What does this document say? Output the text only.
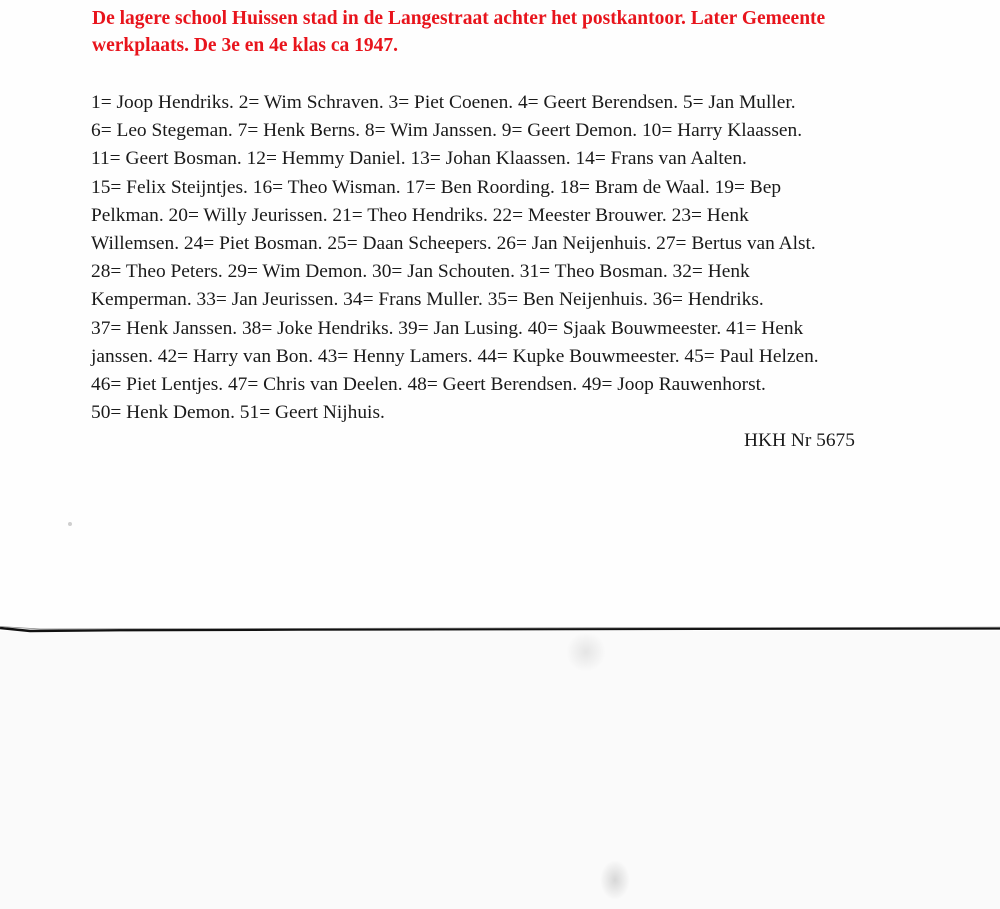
De lagere school Huissen stad in de Langestraat achter het postkantoor. Later Gemeente
werkplaats. De 3e en 4e klas ca 1947.
1= Joop Hendriks. 2= Wim Schraven. 3= Piet Coenen. 4= Geert Berendsen. 5= Jan Muller.
6= Leo Stegeman. 7= Henk Berns. 8= Wim Janssen. 9= Geert Demon. 10= Harry Klaassen.
11= Geert Bosman. 12= Hemmy Daniel. 13= Johan Klaassen. 14= Frans van Aalten.
15= Felix Steijntjes. 16= Theo Wisman. 17= Ben Roording. 18= Bram de Waal. 19= Bep
Pelkman. 20= Willy Jeurissen. 21= Theo Hendriks. 22= Meester Brouwer. 23= Henk
Willemsen. 24= Piet Bosman. 25= Daan Scheepers. 26= Jan Neijenhuis. 27= Bertus van Alst.
28= Theo Peters. 29= Wim Demon. 30= Jan Schouten. 31= Theo Bosman. 32= Henk
Kemperman. 33= Jan Jeurissen. 34= Frans Muller. 35= Ben Neijenhuis. 36= Hendriks.
37= Henk Janssen. 38= Joke Hendriks. 39= Jan Lusing. 40= Sjaak Bouwmeester. 41= Henk
janssen. 42= Harry van Bon. 43= Henny Lamers. 44= Kupke Bouwmeester. 45= Paul Helzen.
46= Piet Lentjes. 47= Chris van Deelen. 48= Geert Berendsen. 49= Joop Rauwenhorst.
50= Henk Demon. 51= Geert Nijhuis.
HKH Nr 5675
